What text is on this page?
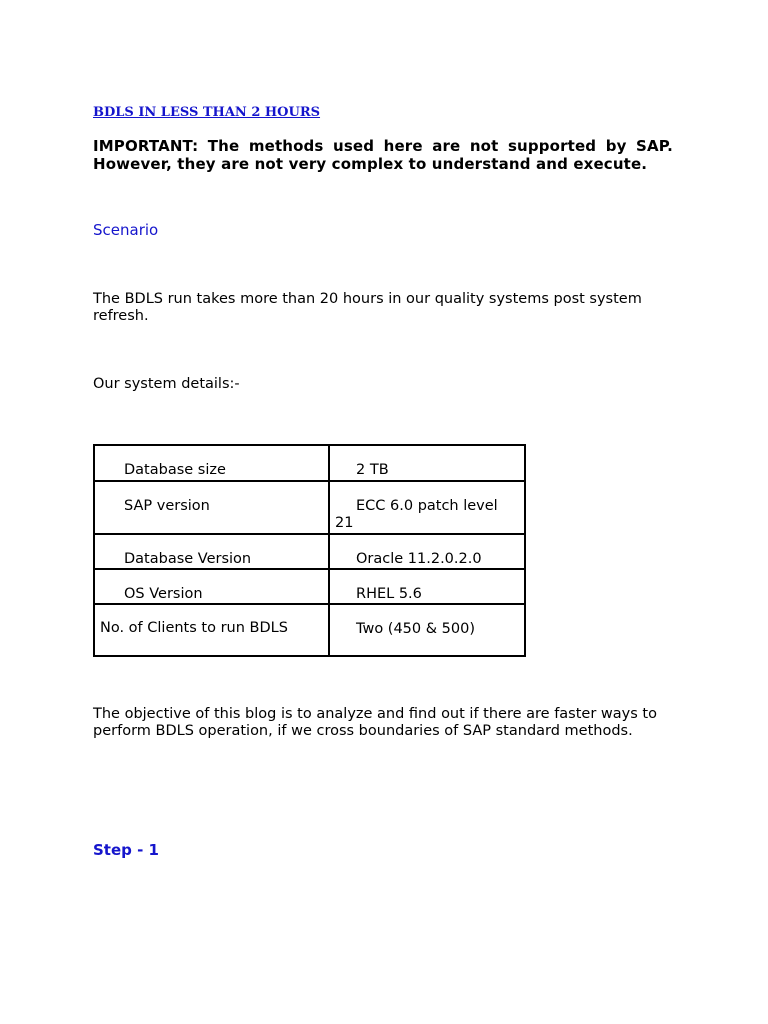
BDLS IN LESS THAN 2 HOURS
IMPORTANT: The methods used here are not supported by SAP. However, they are not very complex to understand and execute.
Scenario
The BDLS run takes more than 20 hours in our quality systems post system refresh.
Our system details:-
Database size	2 TB

SAP version	ECC 6.0 patch level 21

Database Version	Oracle 11.2.0.2.0

OS Version	RHEL 5.6

No. of Clients to run BDLS	Two (450 & 500)
The objective of this blog is to analyze and find out if there are faster ways to perform BDLS operation, if we cross boundaries of SAP standard methods.
Step - 1
